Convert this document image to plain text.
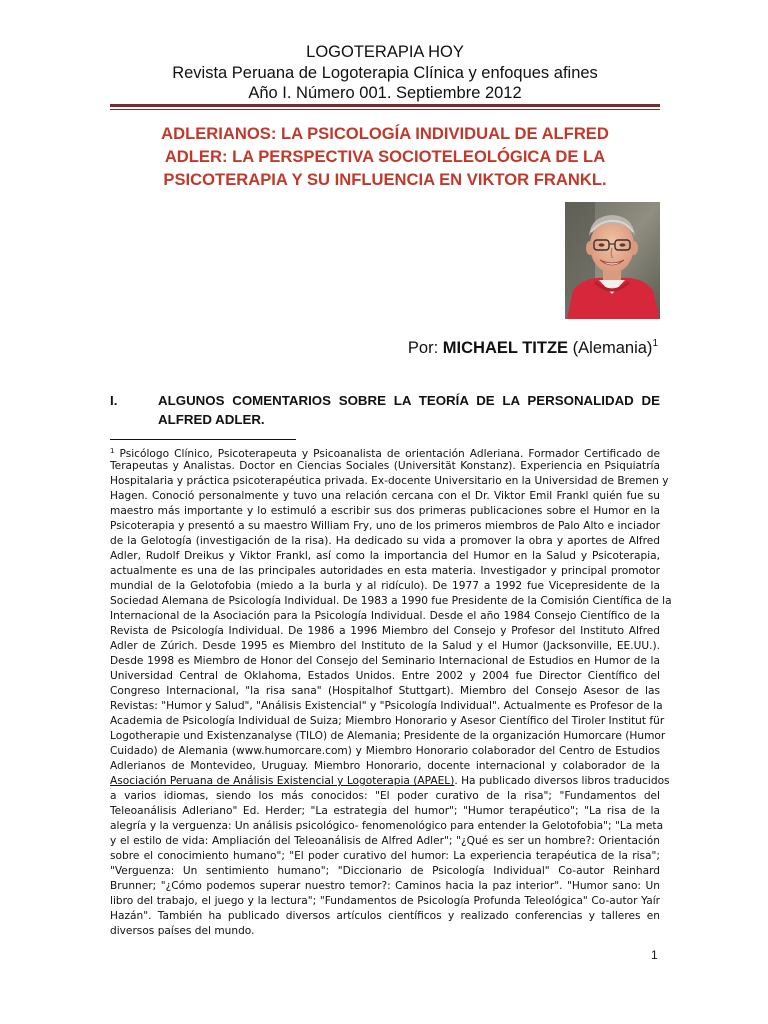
LOGOTERAPIA HOY
Revista Peruana de Logoterapia Clínica y enfoques afines
Año I. Número 001. Septiembre 2012
ADLERIANOS: LA PSICOLOGÍA INDIVIDUAL DE ALFRED
ADLER: LA PERSPECTIVA SOCIOTELEOLÓGICA DE LA
PSICOTERAPIA Y SU INFLUENCIA EN VIKTOR FRANKL.
Por: MICHAEL TITZE (Alemania)$^1$
I.	ALGUNOS COMENTARIOS SOBRE LA TEORÍA DE LA PERSONALIDAD DE ALFRED ADLER.
$^1$ Psicólogo Clínico, Psicoterapeuta y Psicoanalista de orientación Adleriana. Formador Certificado de
Terapeutas y Analistas. Doctor en Ciencias Sociales (Universität Konstanz). Experiencia en Psiquiatría
Hospitalaria y práctica psicoterapéutica privada. Ex-docente Universitario en la Universidad de Bremen y
Hagen. Conoció personalmente y tuvo una relación cercana con el Dr. Viktor Emil Frankl quién fue su
maestro más importante y lo estimuló a escribir sus dos primeras publicaciones sobre el Humor en la
Psicoterapia y presentó a su maestro William Fry, uno de los primeros miembros de Palo Alto e inciador
de la Gelotogía (investigación de la risa). Ha dedicado su vida a promover la obra y aportes de Alfred
Adler, Rudolf Dreikus y Viktor Frankl, así como la importancia del Humor en la Salud y Psicoterapia,
actualmente es una de las principales autoridades en esta materia. Investigador y principal promotor
mundial de la Gelotofobia (miedo a la burla y al ridículo). De 1977 a 1992 fue Vicepresidente de la
Sociedad Alemana de Psicología Individual. De 1983 a 1990 fue Presidente de la Comisión Científica de la
Internacional de la Asociación para la Psicología Individual. Desde el año 1984 Consejo Científico de la
Revista de Psicología Individual. De 1986 a 1996 Miembro del Consejo y Profesor del Instituto Alfred
Adler de Zúrich. Desde 1995 es Miembro del Instituto de la Salud y el Humor (Jacksonville, EE.UU.).
Desde 1998 es Miembro de Honor del Consejo del Seminario Internacional de Estudios en Humor de la
Universidad Central de Oklahoma, Estados Unidos. Entre 2002 y 2004 fue Director Científico del
Congreso Internacional, "la risa sana" (Hospitalhof Stuttgart). Miembro del Consejo Asesor de las
Revistas: "Humor y Salud", "Análisis Existencial" y "Psicología Individual". Actualmente es Profesor de la
Academia de Psicología Individual de Suiza; Miembro Honorario y Asesor Científico del Tiroler Institut für
Logotherapie und Existenzanalyse (TILO) de Alemania; Presidente de la organización Humorcare (Humor
Cuidado) de Alemania (www.humorcare.com) y Miembro Honorario colaborador del Centro de Estudios
Adlerianos de Montevideo, Uruguay. Miembro Honorario, docente internacional y colaborador de la
Asociación Peruana de Análisis Existencial y Logoterapia (APAEL). Ha publicado diversos libros traducidos
a varios idiomas, siendo los más conocidos: "El poder curativo de la risa"; "Fundamentos del
Teleoanálisis Adleriano" Ed. Herder; "La estrategia del humor"; "Humor terapéutico"; "La risa de la
alegría y la verguenza: Un análisis psicológico- fenomenológico para entender la Gelotofobia"; "La meta
y el estilo de vida: Ampliación del Teleoanálisis de Alfred Adler"; "¿Qué es ser un hombre?: Orientación
sobre el conocimiento humano"; "El poder curativo del humor: La experiencia terapéutica de la risa";
"Verguenza: Un sentimiento humano"; "Diccionario de Psicología Individual" Co-autor Reinhard
Brunner; "¿Cómo podemos superar nuestro temor?: Caminos hacia la paz interior". "Humor sano: Un
libro del trabajo, el juego y la lectura"; "Fundamentos de Psicología Profunda Teleológica" Co-autor Yaír
Hazán". También ha publicado diversos artículos científicos y realizado conferencias y talleres en
diversos países del mundo.
1
